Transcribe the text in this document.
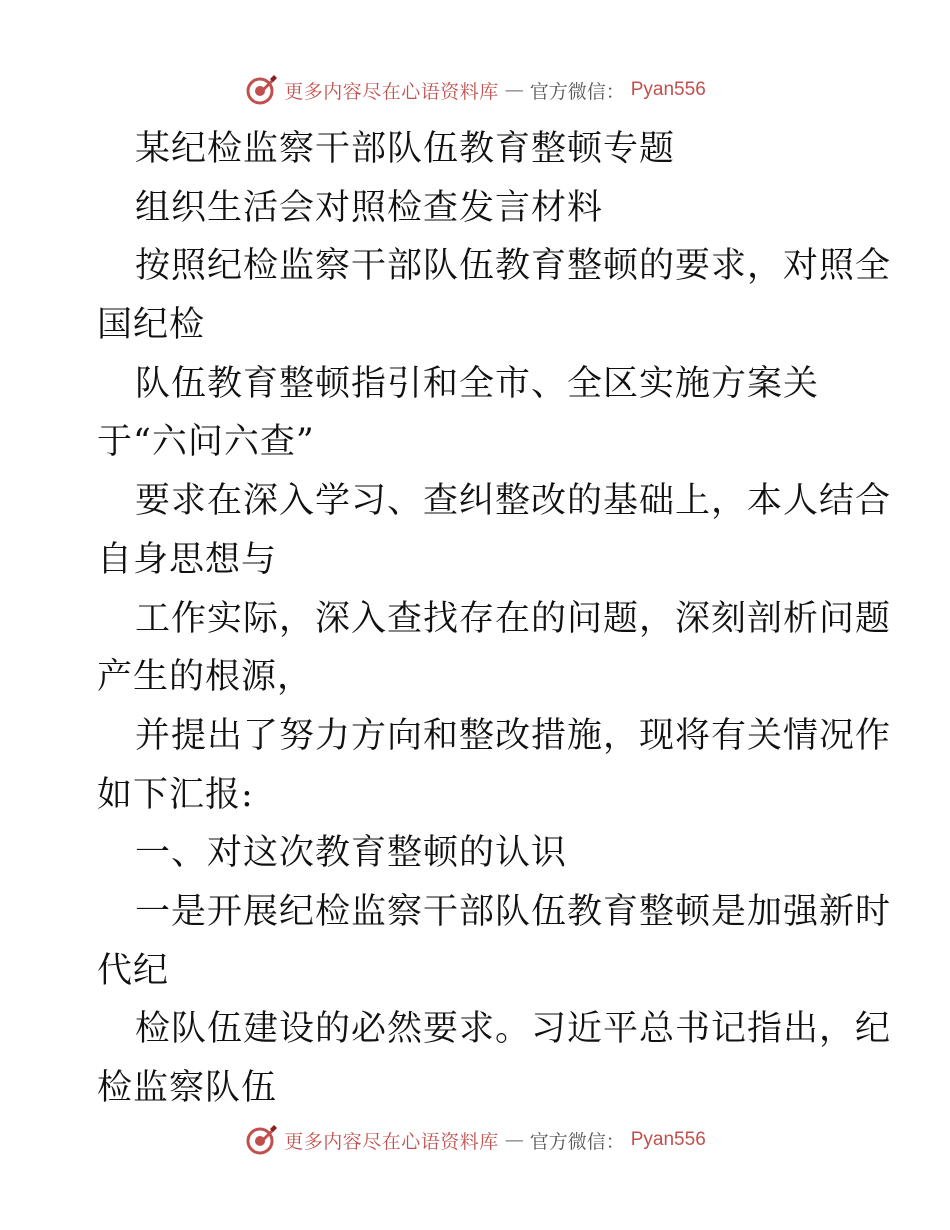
更多内容尽在心语资料库 — 官方微信： Pyan556
某纪检监察干部队伍教育整顿专题
组织生活会对照检查发言材料
按照纪检监察干部队伍教育整顿的要求，对照全
国纪检
队伍教育整顿指引和全市、全区实施方案关
于“六问六查”
要求在深入学习、查纠整改的基础上，本人结合
自身思想与
工作实际，深入查找存在的问题，深刻剖析问题
产生的根源，
并提出了努力方向和整改措施，现将有关情况作
如下汇报:
一、对这次教育整顿的认识
一是开展纪检监察干部队伍教育整顿是加强新时
代纪
检队伍建设的必然要求。习近平总书记指出，纪
检监察队伍
更多内容尽在心语资料库 — 官方微信： Pyan556
